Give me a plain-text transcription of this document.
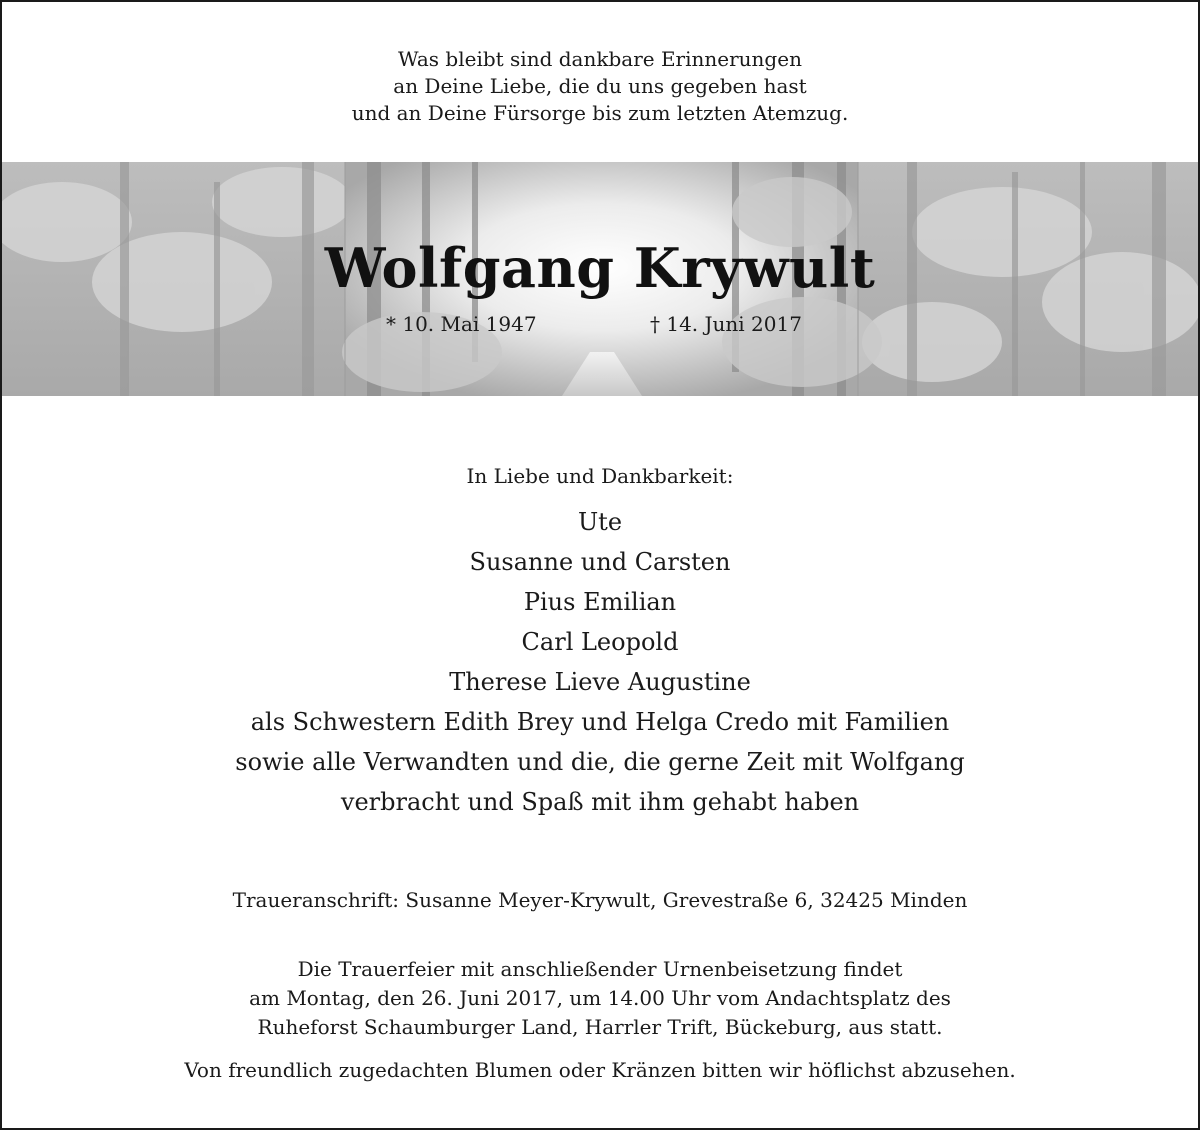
Was bleibt sind dankbare Erinnerungen
an Deine Liebe, die du uns gegeben hast
und an Deine Fürsorge bis zum letzten Atemzug.
Wolfgang Krywult
* 10. Mai 1947	† 14. Juni 2017
In Liebe und Dankbarkeit:
Ute
Susanne und Carsten
Pius Emilian
Carl Leopold
Therese Lieve Augustine
als Schwestern Edith Brey und Helga Credo mit Familien
sowie alle Verwandten und die, die gerne Zeit mit Wolfgang
verbracht und Spaß mit ihm gehabt haben
Traueranschrift: Susanne Meyer-Krywult, Grevestraße 6, 32425 Minden
Die Trauerfeier mit anschließender Urnenbeisetzung findet
am Montag, den 26. Juni 2017, um 14.00 Uhr vom Andachtsplatz des
Ruheforst Schaumburger Land, Harrler Trift, Bückeburg, aus statt.
Von freundlich zugedachten Blumen oder Kränzen bitten wir höflichst abzusehen.
